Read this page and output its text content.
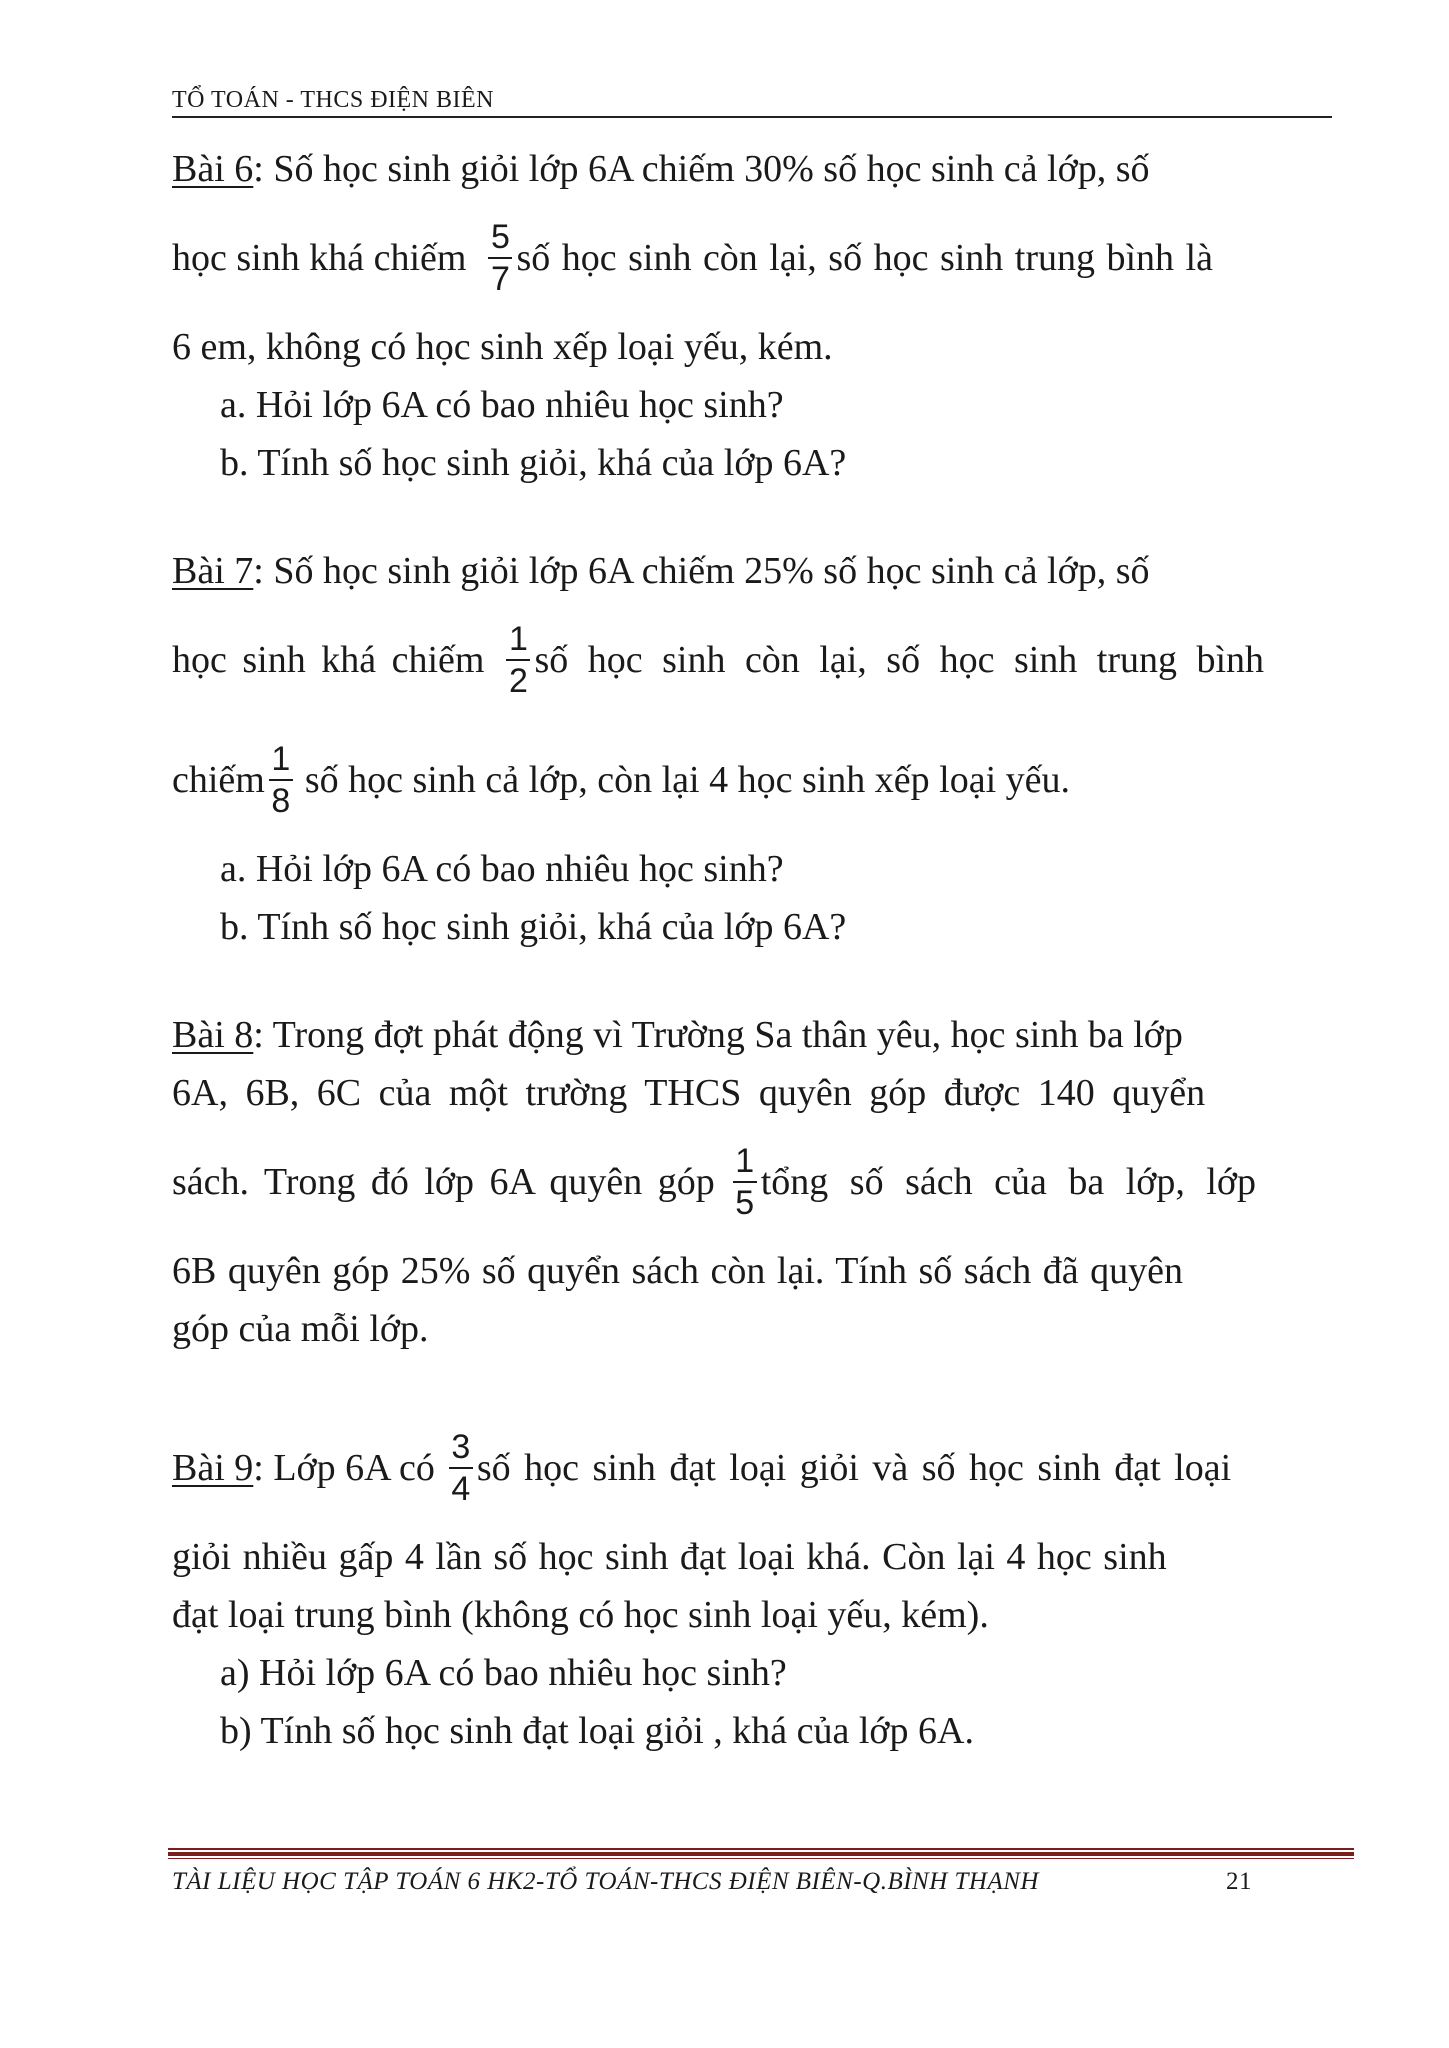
TỔ TOÁN - THCS ĐIỆN BIÊN
Bài 6: Số học sinh giỏi lớp 6A chiếm 30% số học sinh cả lớp, số
học sinh khá chiếm $\frac{5}{7}$ số học sinh còn lại, số học sinh trung bình là
6 em, không có học sinh xếp loại yếu, kém.
a. Hỏi lớp 6A có bao nhiêu học sinh?
b. Tính số học sinh giỏi, khá của lớp 6A?
Bài 7: Số học sinh giỏi lớp 6A chiếm 25% số học sinh cả lớp, số
học sinh khá chiếm $\frac{1}{2}$ số học sinh còn lại, số học sinh trung bình
chiếm $\frac{1}{8}$ số học sinh cả lớp, còn lại 4 học sinh xếp loại yếu.
a. Hỏi lớp 6A có bao nhiêu học sinh?
b. Tính số học sinh giỏi, khá của lớp 6A?
Bài 8: Trong đợt phát động vì Trường Sa thân yêu, học sinh ba lớp
6A, 6B, 6C của một trường THCS quyên góp được 140 quyển
sách. Trong đó lớp 6A quyên góp $\frac{1}{5}$ tổng số sách của ba lớp, lớp
6B quyên góp 25% số quyển sách còn lại. Tính số sách đã quyên
góp của mỗi lớp.
Bài 9 : Lớp 6A có $\frac{3}{4}$ số học sinh đạt loại giỏi và số học sinh đạt loại
giỏi nhiều gấp 4 lần số học sinh đạt loại khá. Còn lại 4 học sinh
đạt loại trung bình (không có học sinh loại yếu, kém).
a) Hỏi lớp 6A có bao nhiêu học sinh?
b) Tính số học sinh đạt loại giỏi , khá của lớp 6A.
TÀI LIỆU HỌC TẬP TOÁN 6 HK2-TỔ TOÁN-THCS ĐIỆN BIÊN-Q.BÌNH THẠNH	21
